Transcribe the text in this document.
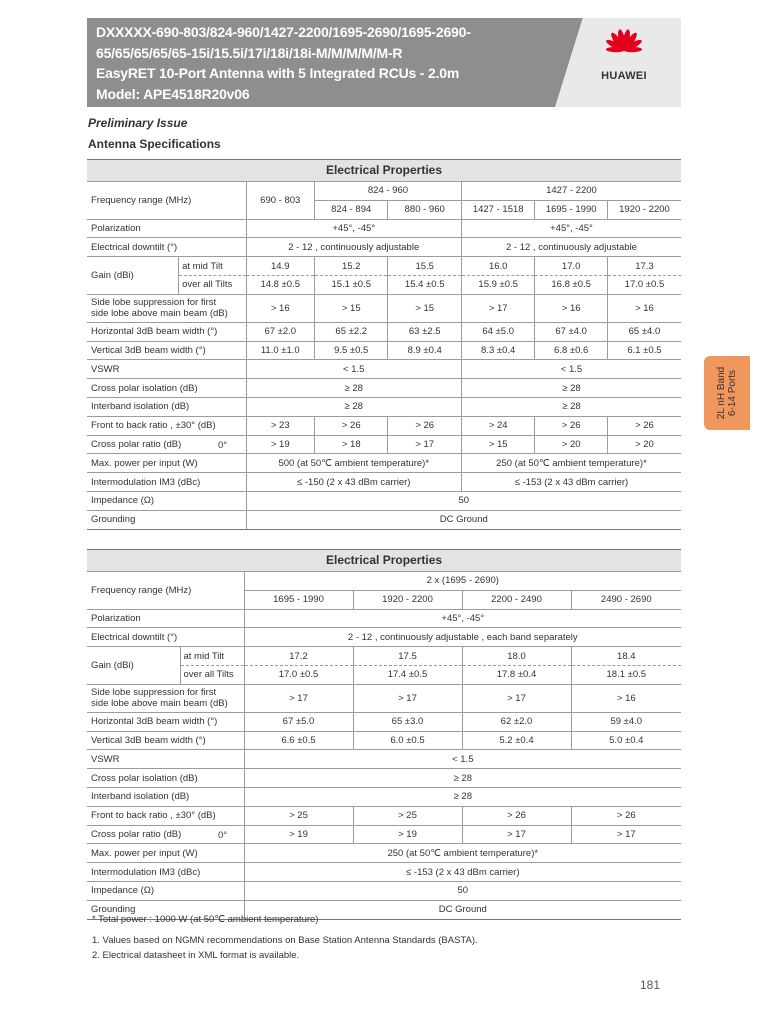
DXXXXX-690-803/824-960/1427-2200/1695-2690/1695-2690-
65/65/65/65/65-15i/15.5i/17i/18i/18i-M/M/M/M/M-R
EasyRET 10-Port Antenna with 5 Integrated RCUs - 2.0m
Model: APE4518R20v06
HUAWEI
Preliminary Issue
Antenna Specifications
2L nH Band 6-14 Ports
Electrical Properties							
Frequency range (MHz)		690 - 803	824 - 960		1427 - 2200		
			824 - 894	880 - 960	1427 - 1518	1695 - 1990	1920 - 2200
Polarization		+45°, -45°			+45°, -45°		
Electrical downtilt (°)		2 - 12 , continuously adjustable			2 - 12 , continuously adjustable		
Gain (dBi)	at mid Tilt	14.9	15.2	15.5	16.0	17.0	17.3
	over all Tilts	14.8 ±0.5	15.1 ±0.5	15.4 ±0.5	15.9 ±0.5	16.8 ±0.5	17.0 ±0.5
Side lobe suppression for first
side lobe above main beam (dB)		> 16	> 15	> 15	> 17	> 16	> 16
Horizontal 3dB beam width (°)		67 ±2.0	65 ±2.2	63 ±2.5	64 ±5.0	67 ±4.0	65 ±4.0
Vertical 3dB beam width (°)		11.0 ±1.0	9.5 ±0.5	8.9 ±0.4	8.3 ±0.4	6.8 ±0.6	6.1 ±0.5
VSWR		< 1.5			< 1.5		
Cross polar isolation (dB)		≥ 28			≥ 28		
Interband isolation (dB)		≥ 28			≥ 28		
Front to back ratio , ±30° (dB)		> 23	> 26	> 26	> 24	> 26	> 26
Cross polar ratio (dB) 0°		> 19	> 18	> 17	> 15	> 20	> 20
Max. power per input (W)		500 (at 50℃ ambient temperature)*			250 (at 50℃ ambient temperature)*		
Intermodulation IM3 (dBc)		≤ -150 (2 x 43 dBm carrier)			≤ -153 (2 x 43 dBm carrier)		
Impedance (Ω)		50					
Grounding		DC Ground					
Electrical Properties					
Frequency range (MHz)		2 x (1695 - 2690)			
		1695 - 1990	1920 - 2200	2200 - 2490	2490 - 2690
Polarization		+45°, -45°			
Electrical downtilt (°)		2 - 12 , continuously adjustable , each band separately			
Gain (dBi)	at mid Tilt	17.2	17.5	18.0	18.4
	over all Tilts	17.0 ±0.5	17.4 ±0.5	17.8 ±0.4	18.1 ±0.5
Side lobe suppression for first
side lobe above main beam (dB)		> 17	> 17	> 17	> 16
Horizontal 3dB beam width (°)		67 ±5.0	65 ±3.0	62 ±2.0	59 ±4.0
Vertical 3dB beam width (°)		6.6 ±0.5	6.0 ±0.5	5.2 ±0.4	5.0 ±0.4
VSWR		< 1.5			
Cross polar isolation (dB)		≥ 28			
Interband isolation (dB)		≥ 28			
Front to back ratio , ±30° (dB)		> 25	> 25	> 26	> 26
Cross polar ratio (dB) 0°		> 19	> 19	> 17	> 17
Max. power per input (W)		250 (at 50℃ ambient temperature)*			
Intermodulation IM3 (dBc)		≤ -153 (2 x 43 dBm carrier)			
Impedance (Ω)		50			
Grounding		DC Ground			
* Total power : 1000 W (at 50℃ ambient temperature)
1. Values based on NGMN recommendations on Base Station Antenna Standards (BASTA).
2. Electrical datasheet in XML format is available.
181
